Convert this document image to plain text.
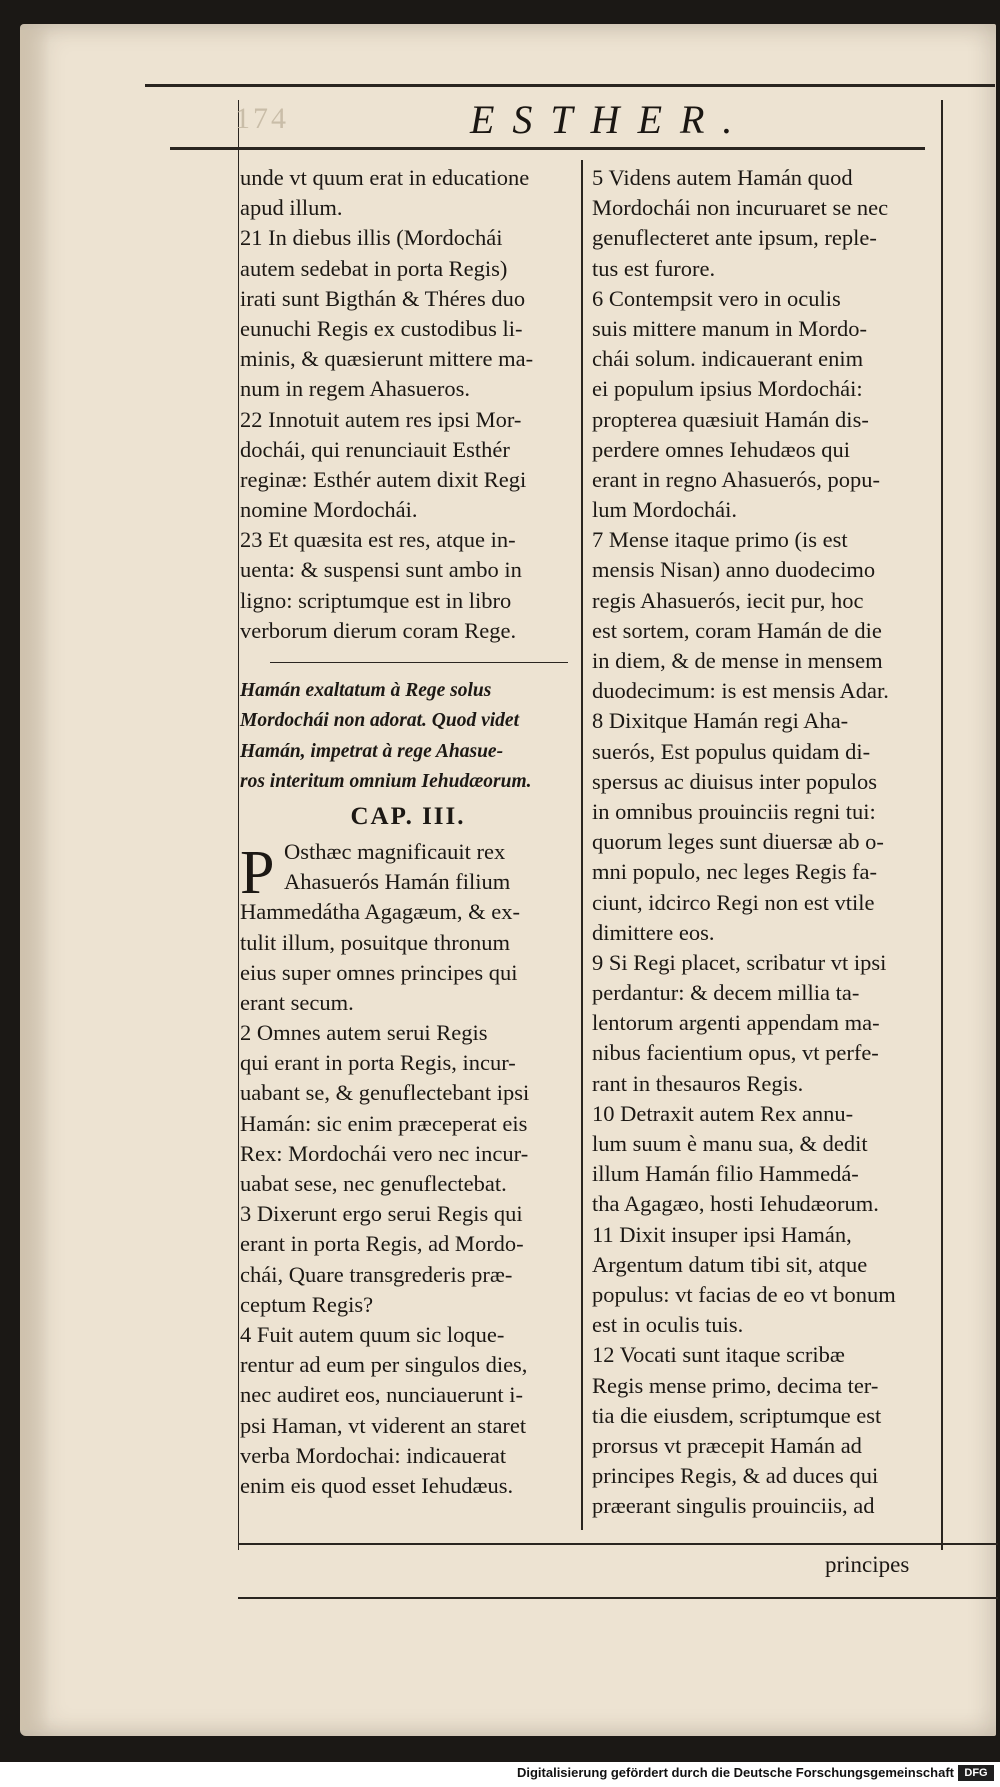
174	ESTHER.
unde vt quum erat in educatione
apud illum.
21 In diebus illis (Mordochái
autem sedebat in porta Regis)
irati sunt Bigthán & Théres duo
eunuchi Regis ex custodibus li-
minis, & quæsierunt mittere ma-
num in regem Ahasueros.
22 Innotuit autem res ipsi Mor-
dochái, qui renunciauit Esthér
reginæ: Esthér autem dixit Regi
nomine Mordochái.
23 Et quæsita est res, atque in-
uenta: & suspensi sunt ambo in
ligno: scriptumque est in libro
verborum dierum coram Rege.
Hamán exaltatum à Rege solus
Mordochái non adorat. Quod videt
Hamán, impetrat à rege Ahasue-
ros interitum omnium Iehudæorum.
CAP. III.
P Osthæc magnificauit rex
Ahasuerós Hamán filium
Hammedátha Agagæum, & ex-
tulit illum, posuitque thronum
eius super omnes principes qui
erant secum.
2 Omnes autem serui Regis
qui erant in porta Regis, incur-
uabant se, & genuflectebant ipsi
Hamán: sic enim præceperat eis
Rex: Mordochái vero nec incur-
uabat sese, nec genuflectebat.
3 Dixerunt ergo serui Regis qui
erant in porta Regis, ad Mordo-
chái, Quare transgrederis præ-
ceptum Regis?
4 Fuit autem quum sic loque-
rentur ad eum per singulos dies,
nec audiret eos, nunciauerunt i-
psi Haman, vt viderent an staret
verba Mordochai: indicauerat
enim eis quod esset Iehudæus.
5 Videns autem Hamán quod
Mordochái non incuruaret se nec
genuflecteret ante ipsum, reple-
tus est furore.
6 Contempsit vero in oculis
suis mittere manum in Mordo-
chái solum. indicauerant enim
ei populum ipsius Mordochái:
propterea quæsiuit Hamán dis-
perdere omnes Iehudæos qui
erant in regno Ahasuerós, popu-
lum Mordochái.
7 Mense itaque primo (is est
mensis Nisan) anno duodecimo
regis Ahasuerós, iecit pur, hoc
est sortem, coram Hamán de die
in diem, & de mense in mensem
duodecimum: is est mensis Adar.
8 Dixitque Hamán regi Aha-
suerós, Est populus quidam di-
spersus ac diuisus inter populos
in omnibus prouinciis regni tui:
quorum leges sunt diuersæ ab o-
mni populo, nec leges Regis fa-
ciunt, idcirco Regi non est vtile
dimittere eos.
9 Si Regi placet, scribatur vt ipsi
perdantur: & decem millia ta-
lentorum argenti appendam ma-
nibus facientium opus, vt perfe-
rant in thesauros Regis.
10 Detraxit autem Rex annu-
lum suum è manu sua, & dedit
illum Hamán filio Hammedá-
tha Agagæo, hosti Iehudæorum.
11 Dixit insuper ipsi Hamán,
Argentum datum tibi sit, atque
populus: vt facias de eo vt bonum
est in oculis tuis.
12 Vocati sunt itaque scribæ
Regis mense primo, decima ter-
tia die eiusdem, scriptumque est
prorsus vt præcepit Hamán ad
principes Regis, & ad duces qui
præerant singulis prouinciis, ad
principes
Digitalisierung gefördert durch die Deutsche Forschungsgemeinschaft DFG
